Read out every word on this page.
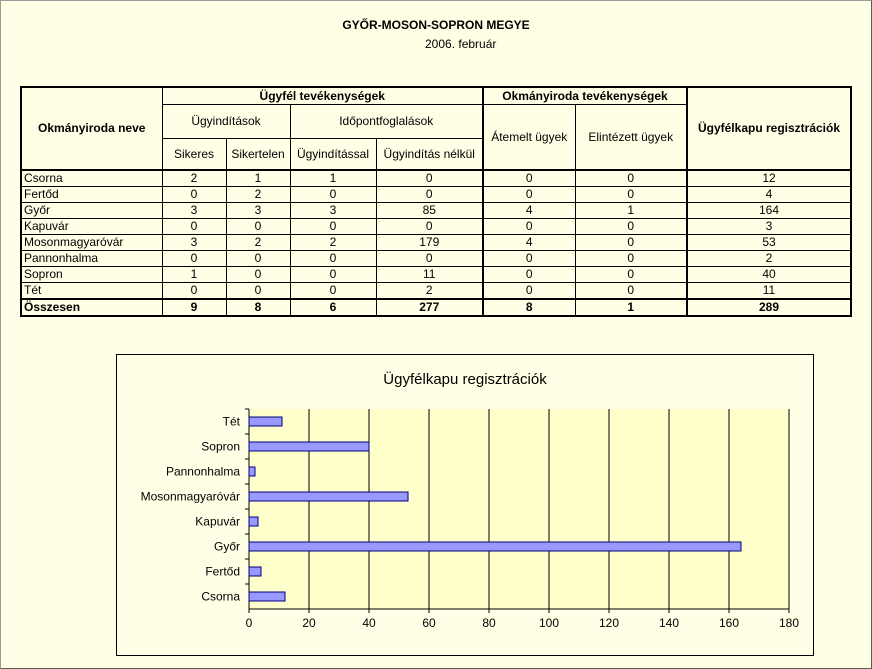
GYŐR-MOSON-SOPRON MEGYE
2006. február
Okmányiroda neve	Ügyfél tevékenységek				Okmányiroda tevékenységek		Ügyfélkapu regisztrációk
	Ügyindítások		Időpontfoglalások		Átemelt ügyek	Elintézett ügyek	
	Sikeres	Sikertelen	Ügyindítással	Ügyindítás nélkül			
Csorna	2	1	1	0	0	0	12
Fertőd	0	2	0	0	0	0	4
Győr	3	3	3	85	4	1	164
Kapuvár	0	0	0	0	0	0	3
Mosonmagyaróvár	3	2	2	179	4	0	53
Pannonhalma	0	0	0	0	0	0	2
Sopron	1	0	0	11	0	0	40
Tét	0	0	0	2	0	0	11
Összesen	9	8	6	277	8	1	289
Ügyfélkapu regisztrációk
0	20	40	60	80	100	120	140	160	180
Tét
Sopron
Pannonhalma
Mosonmagyaróvár
Kapuvár
Győr
Fertőd
Csorna
